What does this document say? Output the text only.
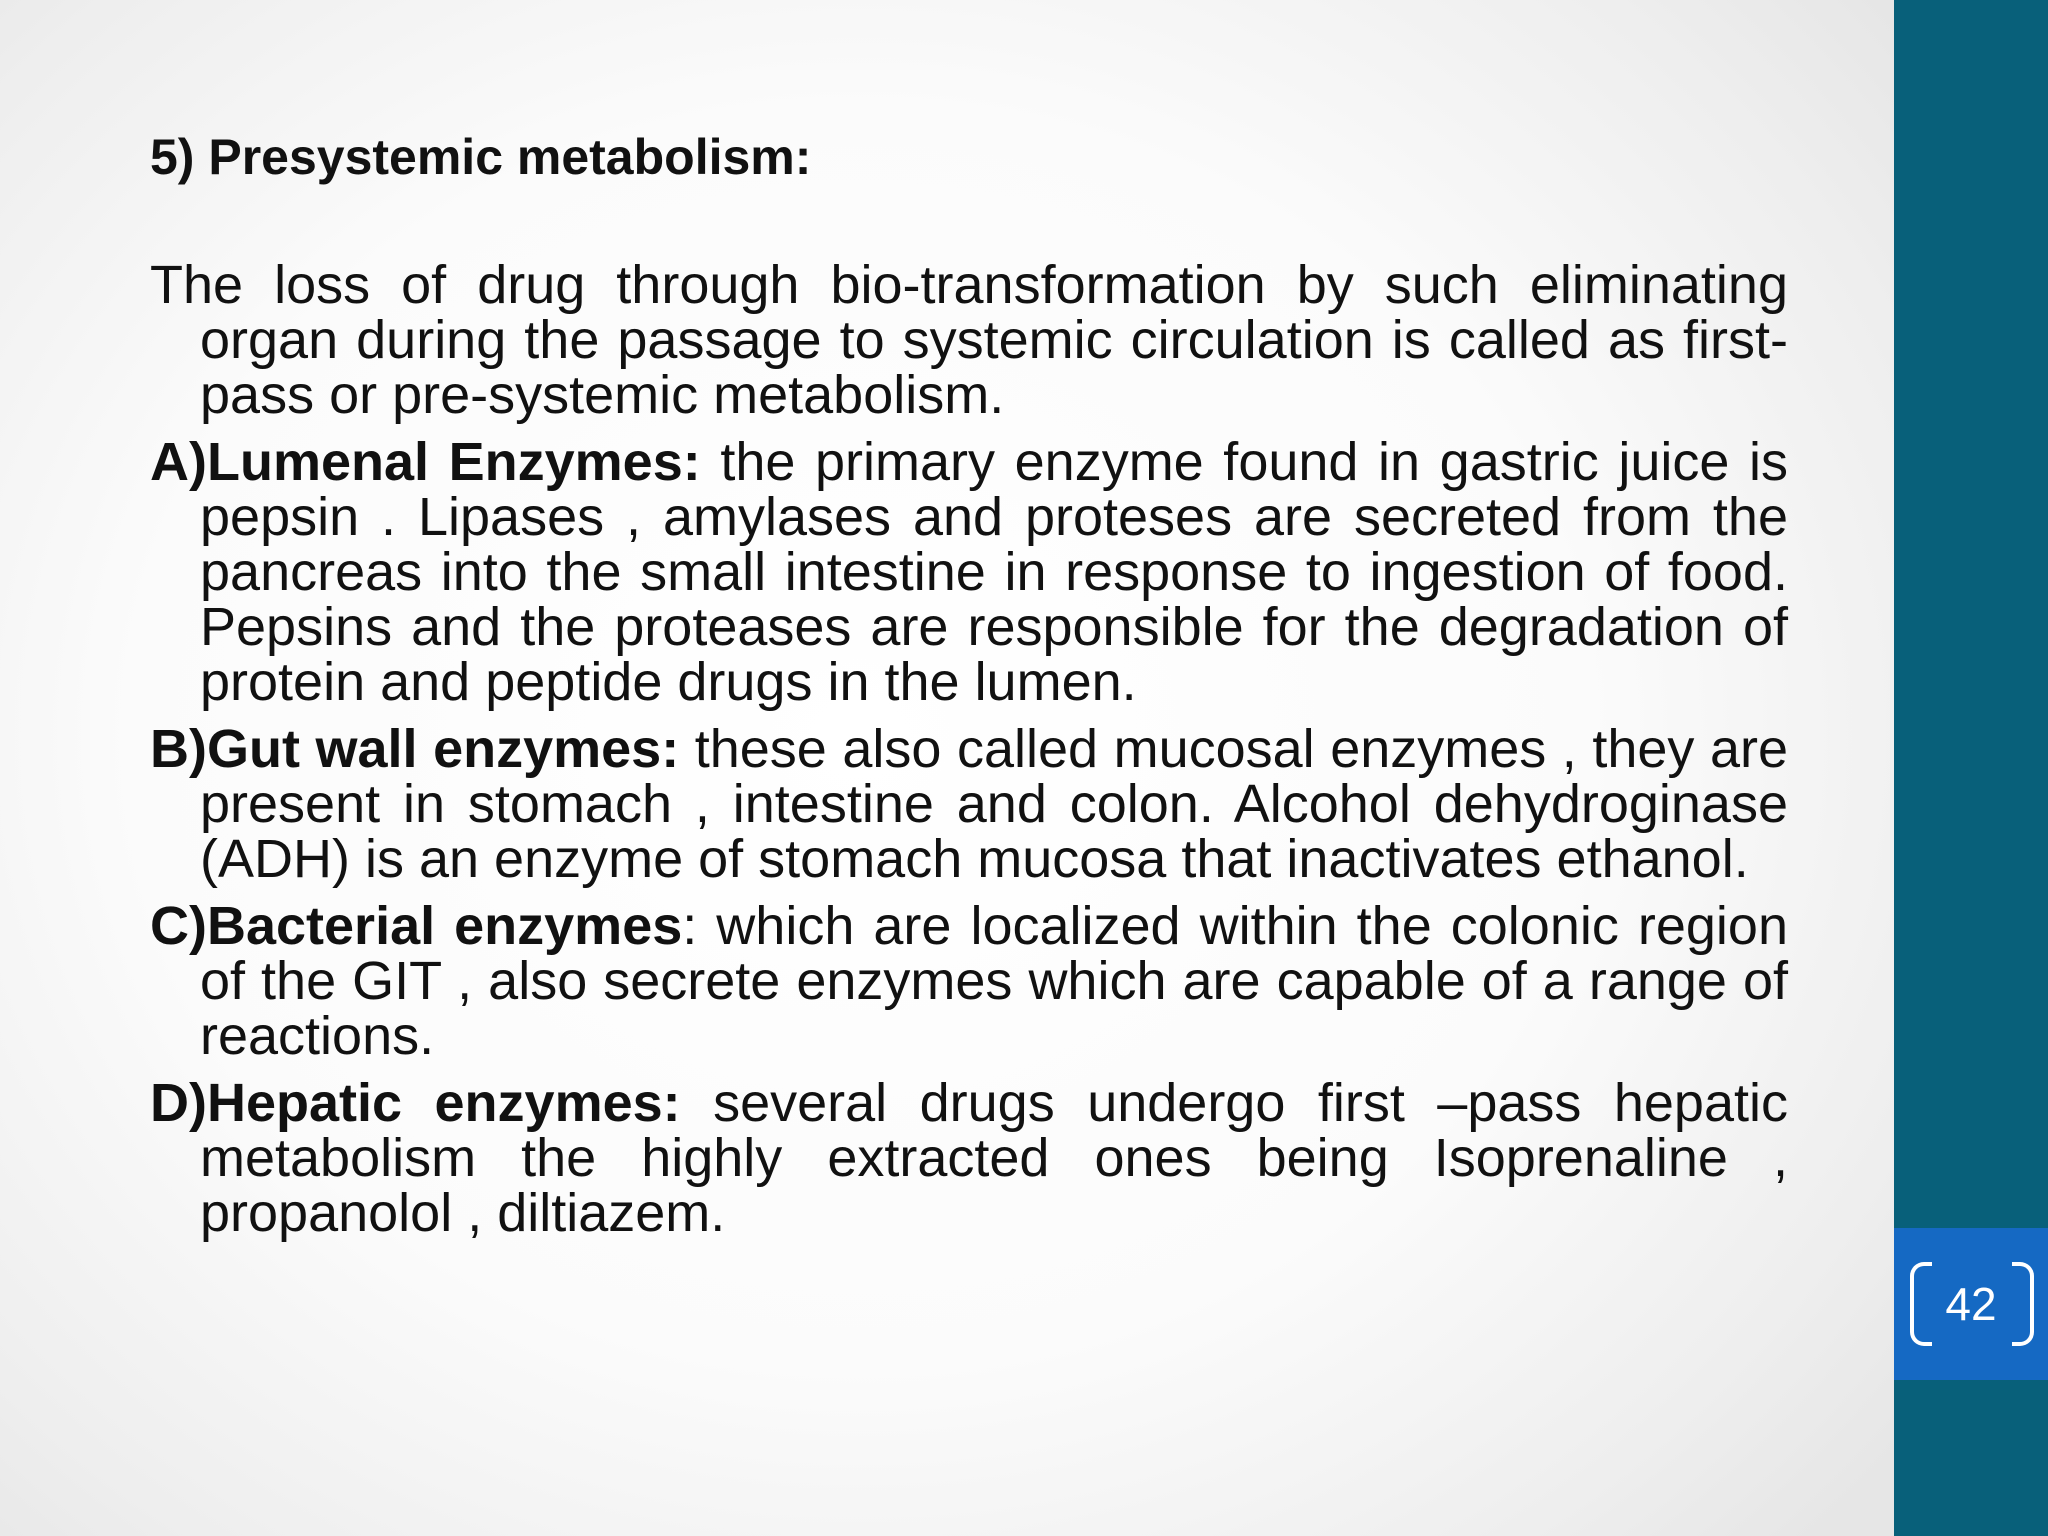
5) Presystemic metabolism:

The loss of drug through bio-transformation by such eliminating organ during the passage to systemic circulation is called as first-pass or pre-systemic metabolism.

A)Lumenal Enzymes: the primary enzyme found in gastric juice is pepsin . Lipases , amylases and proteses are secreted from the pancreas into the small intestine in response to ingestion of food. Pepsins and the proteases are responsible for the degradation of protein and peptide drugs in the lumen.

B)Gut wall enzymes: these also called mucosal enzymes , they are present in stomach , intestine and colon. Alcohol dehydroginase (ADH) is an enzyme of stomach mucosa that inactivates ethanol.

C)Bacterial enzymes: which are localized within the colonic region of the GIT , also secrete enzymes which are capable of a range of reactions.

D)Hepatic enzymes: several drugs undergo first –pass hepatic metabolism the highly extracted ones being Isoprenaline , propanolol , diltiazem.

42
